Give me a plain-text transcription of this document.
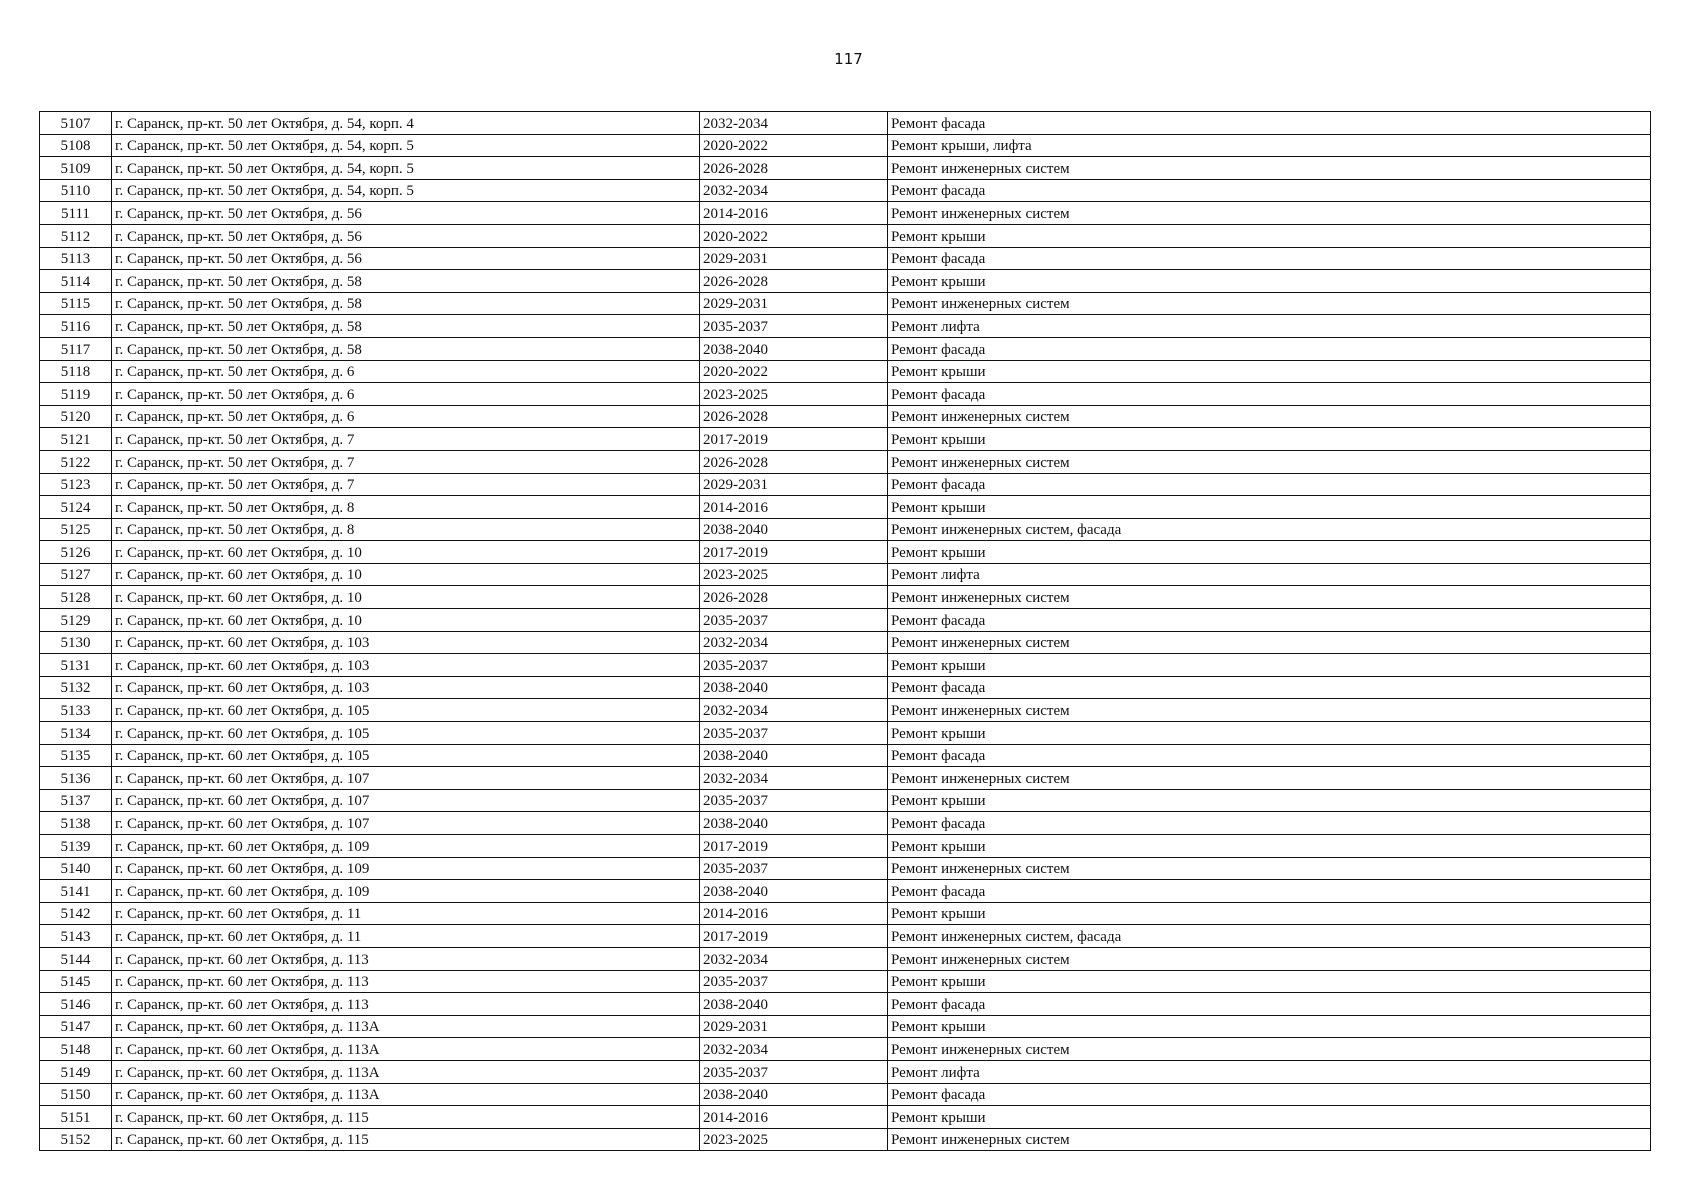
117
5107	г. Саранск, пр-кт. 50 лет Октября, д. 54, корп. 4	2032-2034	Ремонт фасада
5108	г. Саранск, пр-кт. 50 лет Октября, д. 54, корп. 5	2020-2022	Ремонт крыши, лифта
5109	г. Саранск, пр-кт. 50 лет Октября, д. 54, корп. 5	2026-2028	Ремонт инженерных систем
5110	г. Саранск, пр-кт. 50 лет Октября, д. 54, корп. 5	2032-2034	Ремонт фасада
5111	г. Саранск, пр-кт. 50 лет Октября, д. 56	2014-2016	Ремонт инженерных систем
5112	г. Саранск, пр-кт. 50 лет Октября, д. 56	2020-2022	Ремонт крыши
5113	г. Саранск, пр-кт. 50 лет Октября, д. 56	2029-2031	Ремонт фасада
5114	г. Саранск, пр-кт. 50 лет Октября, д. 58	2026-2028	Ремонт крыши
5115	г. Саранск, пр-кт. 50 лет Октября, д. 58	2029-2031	Ремонт инженерных систем
5116	г. Саранск, пр-кт. 50 лет Октября, д. 58	2035-2037	Ремонт лифта
5117	г. Саранск, пр-кт. 50 лет Октября, д. 58	2038-2040	Ремонт фасада
5118	г. Саранск, пр-кт. 50 лет Октября, д. 6	2020-2022	Ремонт крыши
5119	г. Саранск, пр-кт. 50 лет Октября, д. 6	2023-2025	Ремонт фасада
5120	г. Саранск, пр-кт. 50 лет Октября, д. 6	2026-2028	Ремонт инженерных систем
5121	г. Саранск, пр-кт. 50 лет Октября, д. 7	2017-2019	Ремонт крыши
5122	г. Саранск, пр-кт. 50 лет Октября, д. 7	2026-2028	Ремонт инженерных систем
5123	г. Саранск, пр-кт. 50 лет Октября, д. 7	2029-2031	Ремонт фасада
5124	г. Саранск, пр-кт. 50 лет Октября, д. 8	2014-2016	Ремонт крыши
5125	г. Саранск, пр-кт. 50 лет Октября, д. 8	2038-2040	Ремонт инженерных систем, фасада
5126	г. Саранск, пр-кт. 60 лет Октября, д. 10	2017-2019	Ремонт крыши
5127	г. Саранск, пр-кт. 60 лет Октября, д. 10	2023-2025	Ремонт лифта
5128	г. Саранск, пр-кт. 60 лет Октября, д. 10	2026-2028	Ремонт инженерных систем
5129	г. Саранск, пр-кт. 60 лет Октября, д. 10	2035-2037	Ремонт фасада
5130	г. Саранск, пр-кт. 60 лет Октября, д. 103	2032-2034	Ремонт инженерных систем
5131	г. Саранск, пр-кт. 60 лет Октября, д. 103	2035-2037	Ремонт крыши
5132	г. Саранск, пр-кт. 60 лет Октября, д. 103	2038-2040	Ремонт фасада
5133	г. Саранск, пр-кт. 60 лет Октября, д. 105	2032-2034	Ремонт инженерных систем
5134	г. Саранск, пр-кт. 60 лет Октября, д. 105	2035-2037	Ремонт крыши
5135	г. Саранск, пр-кт. 60 лет Октября, д. 105	2038-2040	Ремонт фасада
5136	г. Саранск, пр-кт. 60 лет Октября, д. 107	2032-2034	Ремонт инженерных систем
5137	г. Саранск, пр-кт. 60 лет Октября, д. 107	2035-2037	Ремонт крыши
5138	г. Саранск, пр-кт. 60 лет Октября, д. 107	2038-2040	Ремонт фасада
5139	г. Саранск, пр-кт. 60 лет Октября, д. 109	2017-2019	Ремонт крыши
5140	г. Саранск, пр-кт. 60 лет Октября, д. 109	2035-2037	Ремонт инженерных систем
5141	г. Саранск, пр-кт. 60 лет Октября, д. 109	2038-2040	Ремонт фасада
5142	г. Саранск, пр-кт. 60 лет Октября, д. 11	2014-2016	Ремонт крыши
5143	г. Саранск, пр-кт. 60 лет Октября, д. 11	2017-2019	Ремонт инженерных систем, фасада
5144	г. Саранск, пр-кт. 60 лет Октября, д. 113	2032-2034	Ремонт инженерных систем
5145	г. Саранск, пр-кт. 60 лет Октября, д. 113	2035-2037	Ремонт крыши
5146	г. Саранск, пр-кт. 60 лет Октября, д. 113	2038-2040	Ремонт фасада
5147	г. Саранск, пр-кт. 60 лет Октября, д. 113А	2029-2031	Ремонт крыши
5148	г. Саранск, пр-кт. 60 лет Октября, д. 113А	2032-2034	Ремонт инженерных систем
5149	г. Саранск, пр-кт. 60 лет Октября, д. 113А	2035-2037	Ремонт лифта
5150	г. Саранск, пр-кт. 60 лет Октября, д. 113А	2038-2040	Ремонт фасада
5151	г. Саранск, пр-кт. 60 лет Октября, д. 115	2014-2016	Ремонт крыши
5152	г. Саранск, пр-кт. 60 лет Октября, д. 115	2023-2025	Ремонт инженерных систем
